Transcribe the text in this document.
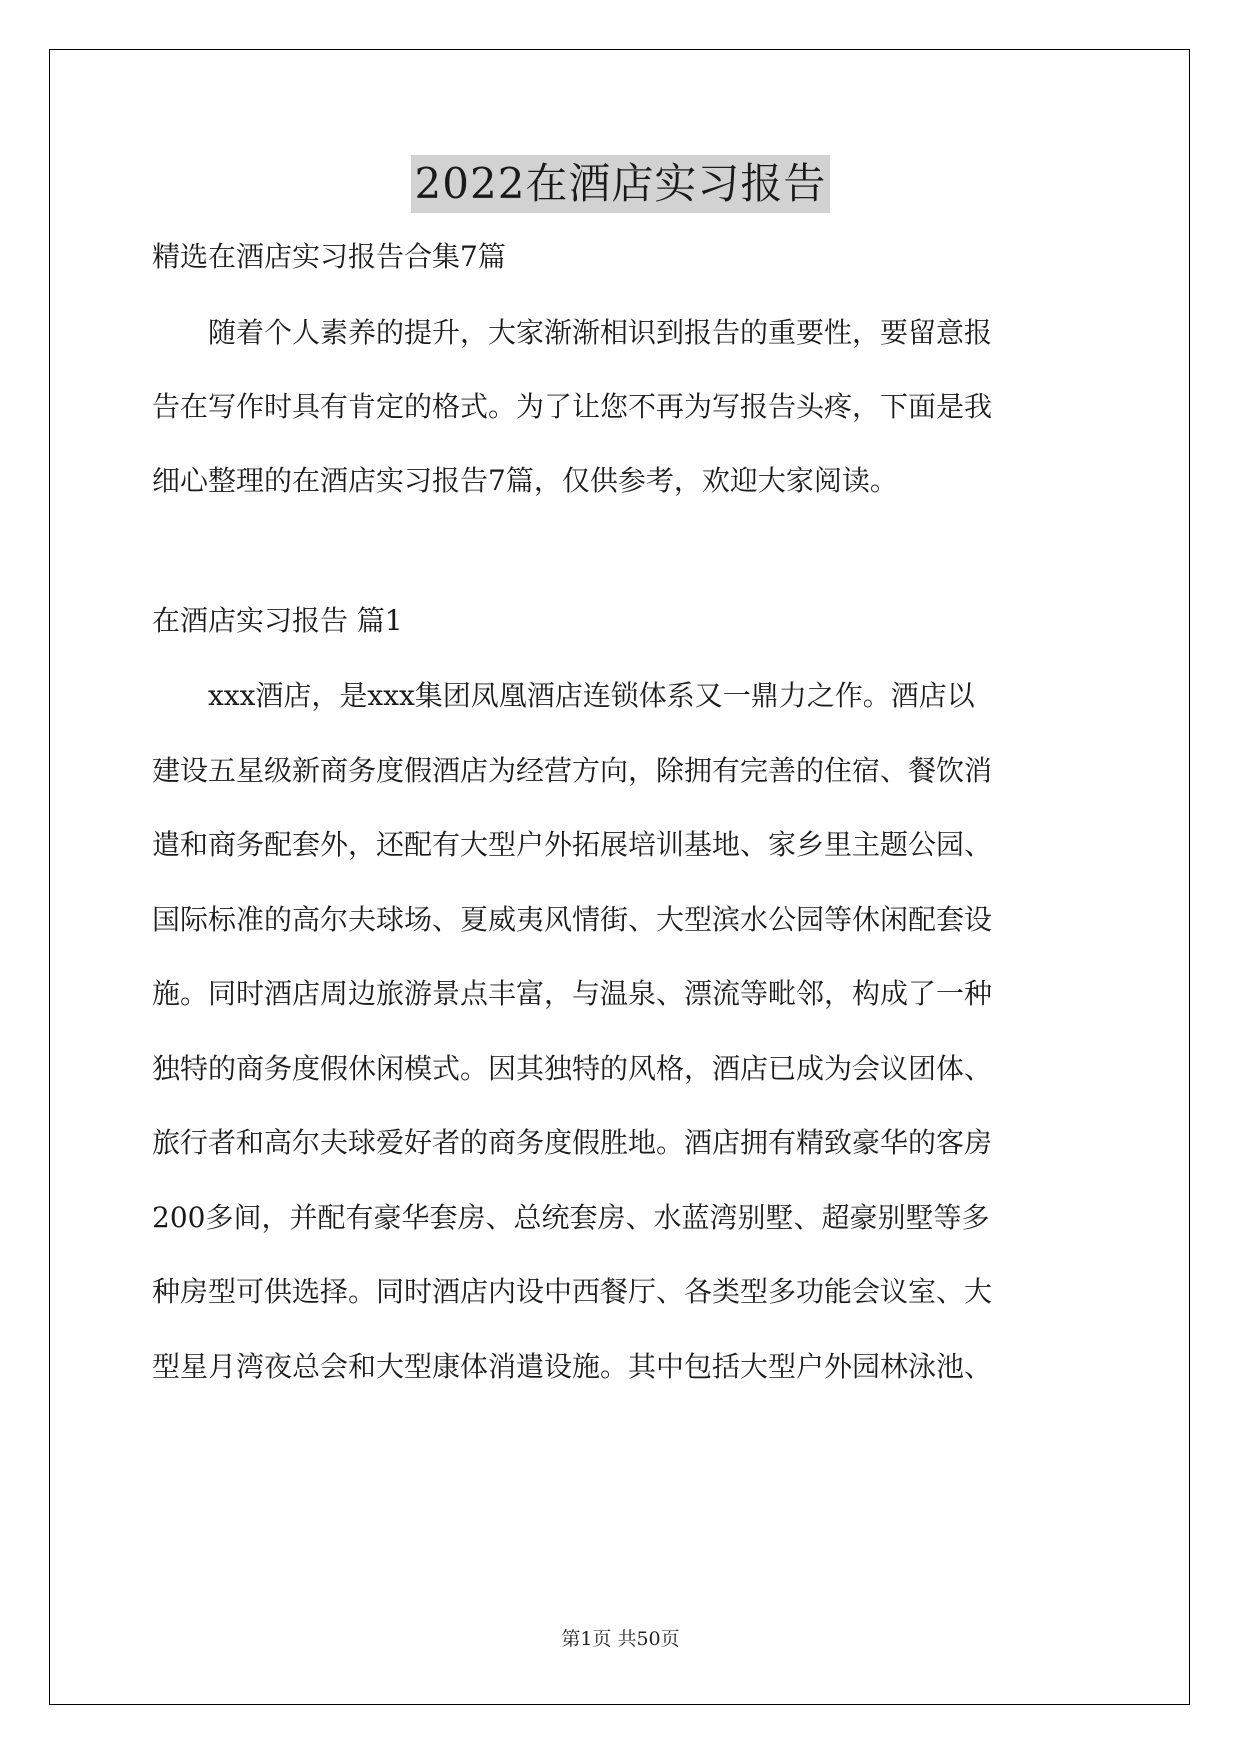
2022在酒店实习报告
精选在酒店实习报告合集7篇
随着个人素养的提升，大家渐渐相识到报告的重要性，要留意报
告在写作时具有肯定的格式。为了让您不再为写报告头疼，下面是我
细心整理的在酒店实习报告7篇，仅供参考，欢迎大家阅读。
在酒店实习报告 篇1
xxx酒店，是xxx集团凤凰酒店连锁体系又一鼎力之作。酒店以
建设五星级新商务度假酒店为经营方向，除拥有完善的住宿、餐饮消
遣和商务配套外，还配有大型户外拓展培训基地、家乡里主题公园、
国际标准的高尔夫球场、夏威夷风情街、大型滨水公园等休闲配套设
施。同时酒店周边旅游景点丰富，与温泉、漂流等毗邻，构成了一种
独特的商务度假休闲模式。因其独特的风格，酒店已成为会议团体、
旅行者和高尔夫球爱好者的商务度假胜地。酒店拥有精致豪华的客房
200多间，并配有豪华套房、总统套房、水蓝湾别墅、超豪别墅等多
种房型可供选择。同时酒店内设中西餐厅、各类型多功能会议室、大
型星月湾夜总会和大型康体消遣设施。其中包括大型户外园林泳池、
第1页 共50页
